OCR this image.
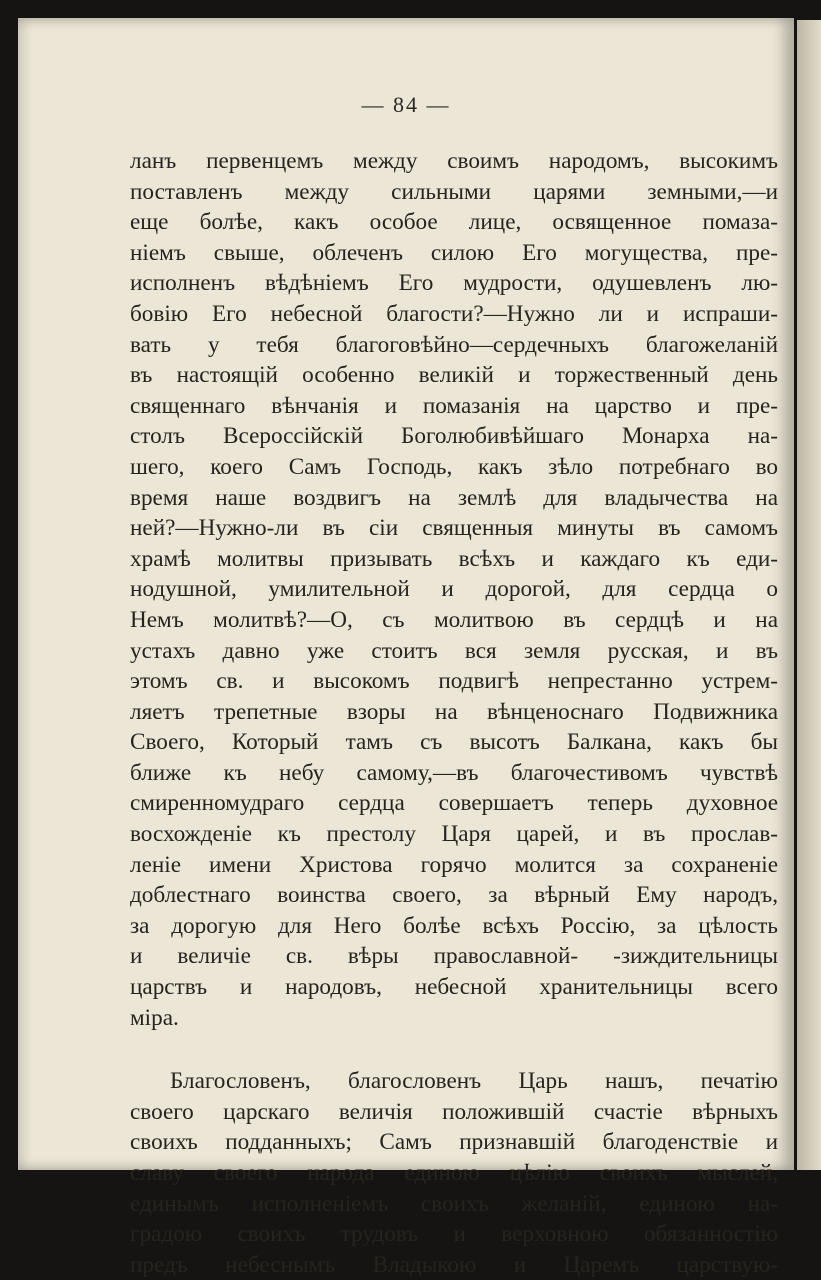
— 84 —

ланъ первенцемъ между своимъ народомъ, высокимъ
поставленъ между сильными царями земными,—и
еще болѣе, какъ особое лице, освященное помаза-
ніемъ свыше, облеченъ силою Его могущества, пре-
исполненъ вѣдѣніемъ Его мудрости, одушевленъ лю-
бовію Его небесной благости?—Нужно ли и испраши-
вать у тебя благоговѣйно—сердечныхъ благожеланій
въ настоящій особенно великій и торжественный день
священнаго вѣнчанія и помазанія на царство и пре-
столъ Всероссійскій Боголюбивѣйшаго Монарха на-
шего, коего Самъ Господь, какъ зѣло потребнаго во
время наше воздвигъ на землѣ для владычества на
ней?—Нужно-ли въ сіи священныя минуты въ самомъ
храмѣ молитвы призывать всѣхъ и каждаго къ еди-
нодушной, умилительной и дорогой, для сердца о
Немъ молитвѣ?—О, съ молитвою въ сердцѣ и на
устахъ давно уже стоитъ вся земля русская, и въ
этомъ св. и высокомъ подвигѣ непрестанно устрем-
ляетъ трепетные взоры на вѣнценоснаго Подвижника
Своего, Который тамъ съ высотъ Балкана, какъ бы
ближе къ небу самому,—въ благочестивомъ чувствѣ
смиренномудраго сердца совершаетъ теперь духовное
восхожденіе къ престолу Царя царей, и въ прослав-
леніе имени Христова горячо молится за сохраненіе
доблестнаго воинства своего, за вѣрный Ему народъ,
за дорогую для Него болѣе всѣхъ Россію, за цѣлость
и величіе св. вѣры православной- -зиждительницы
царствъ и народовъ, небесной хранительницы всего
міра.

Благословенъ, благословенъ Царь нашъ, печатію
своего царскаго величія положившій счастіе вѣрныхъ
своихъ подданныхъ; Самъ признавшій благоденствіе и
славу своего народа единою цѣлію своихъ мыслей,
единымъ исполненіемъ своихъ желаній, единою на-
градою своихъ трудовъ и верховною обязанностію
предъ небеснымъ Владыкою и Царемъ царствую-
